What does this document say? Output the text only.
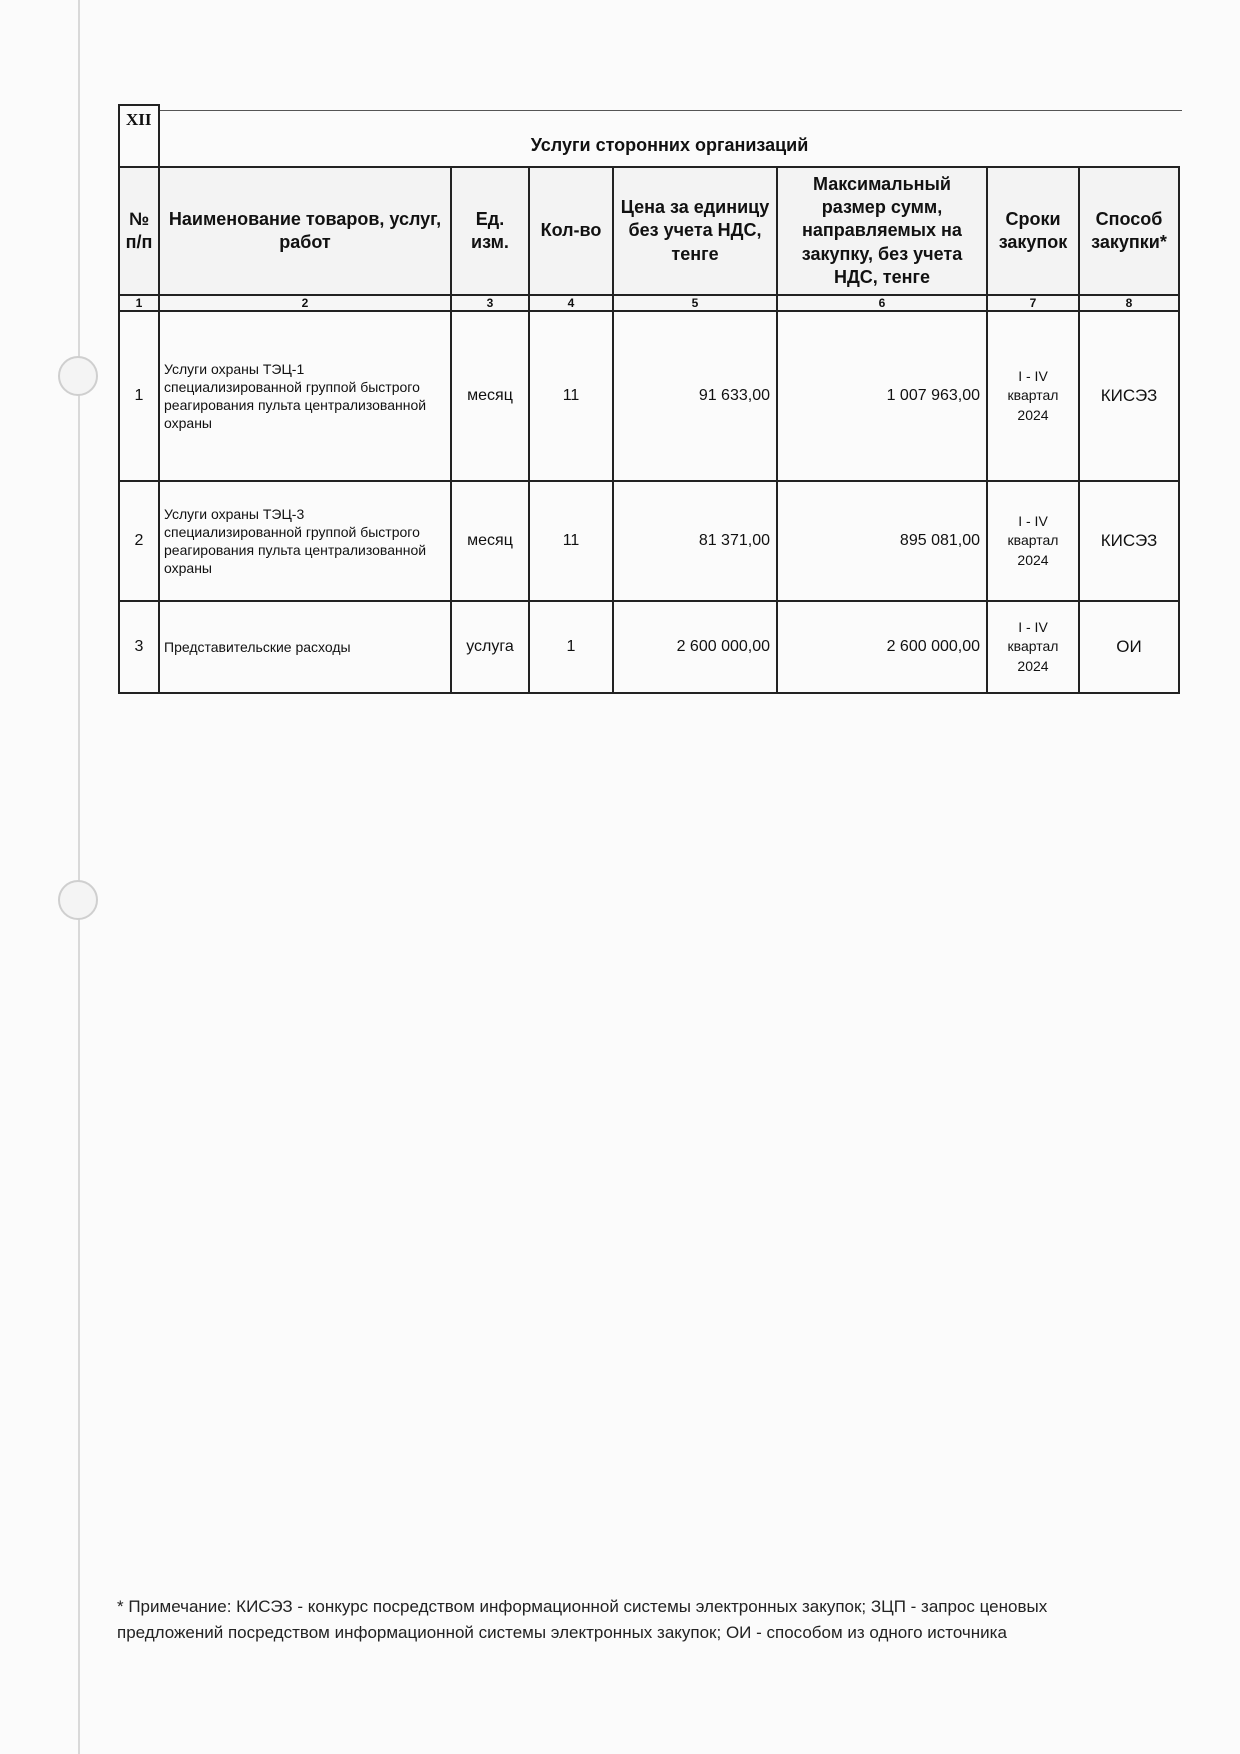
XII	Услуги сторонних организаций						
№ п/п	Наименование товаров, услуг, работ	Ед. изм.	Кол-во	Цена за единицу без учета НДС, тенге	Максимальный размер сумм, направляемых на закупку, без учета НДС, тенге	Сроки закупок	Способ закупки*
1	2	3	4	5	6	7	8
1	Услуги охраны ТЭЦ-1 специализированной группой быстрого реагирования пульта централизованной охраны	месяц	11	91 633,00	1 007 963,00	I - IV квартал 2024	КИСЭЗ
2	Услуги охраны ТЭЦ-3 специализированной группой быстрого реагирования пульта централизованной охраны	месяц	11	81 371,00	895 081,00	I - IV квартал 2024	КИСЭЗ
3	Представительские расходы	услуга	1	2 600 000,00	2 600 000,00	I - IV квартал 2024	ОИ
* Примечание: КИСЭЗ - конкурс посредством информационной системы электронных закупок; ЗЦП - запрос ценовых предложений посредством информационной системы электронных закупок; ОИ - способом из одного источника
